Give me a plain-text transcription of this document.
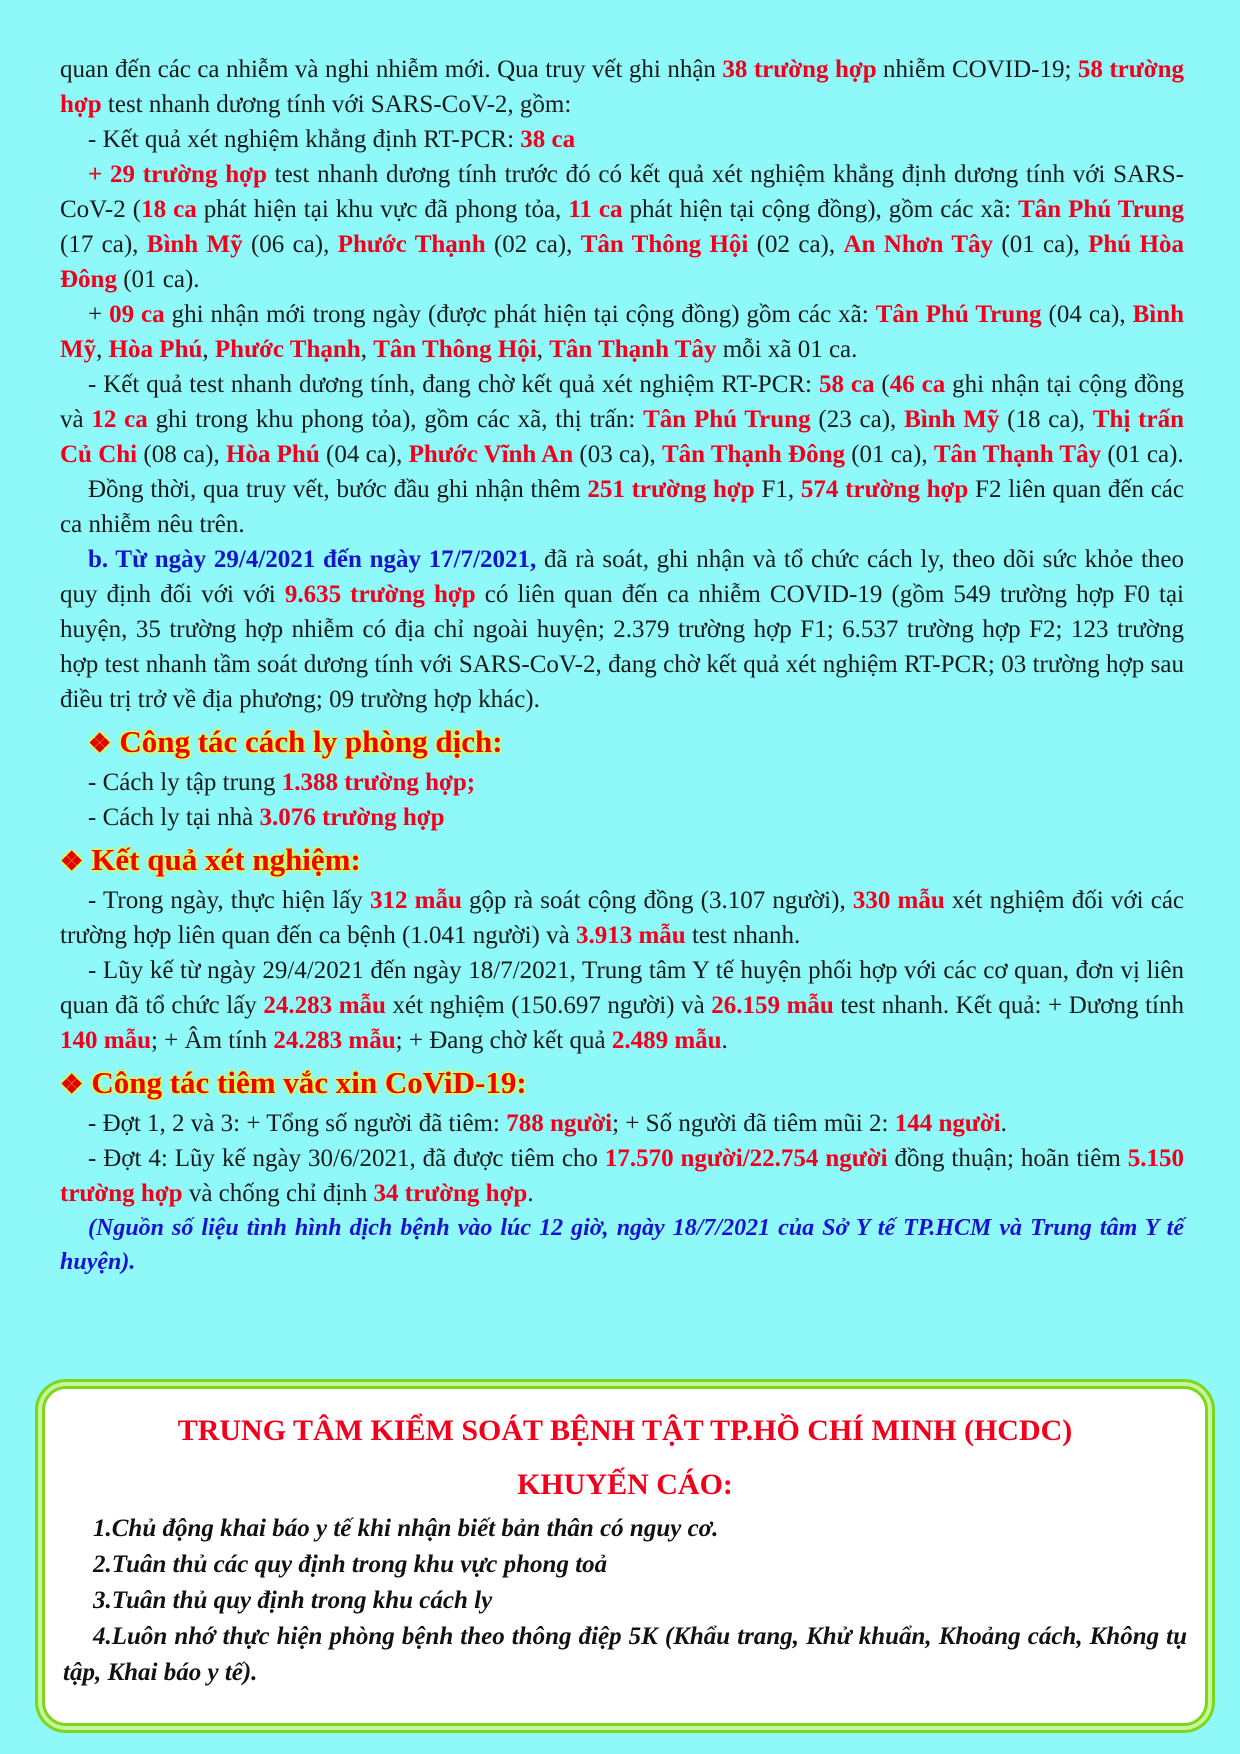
quan đến các ca nhiễm và nghi nhiễm mới. Qua truy vết ghi nhận 38 trường hợp nhiễm COVID-19; 58 trường hợp test nhanh dương tính với SARS-CoV-2, gồm:

- Kết quả xét nghiệm khẳng định RT-PCR: 38 ca

+ 29 trường hợp test nhanh dương tính trước đó có kết quả xét nghiệm khẳng định dương tính với SARS-CoV-2 (18 ca phát hiện tại khu vực đã phong tỏa, 11 ca phát hiện tại cộng đồng), gồm các xã: Tân Phú Trung (17 ca), Bình Mỹ (06 ca), Phước Thạnh (02 ca), Tân Thông Hội (02 ca), An Nhơn Tây (01 ca), Phú Hòa Đông (01 ca).

+ 09 ca ghi nhận mới trong ngày (được phát hiện tại cộng đồng) gồm các xã: Tân Phú Trung (04 ca), Bình Mỹ, Hòa Phú, Phước Thạnh, Tân Thông Hội, Tân Thạnh Tây mỗi xã 01 ca.

- Kết quả test nhanh dương tính, đang chờ kết quả xét nghiệm RT-PCR: 58 ca (46 ca ghi nhận tại cộng đồng và 12 ca ghi trong khu phong tỏa), gồm các xã, thị trấn: Tân Phú Trung (23 ca), Bình Mỹ (18 ca), Thị trấn Củ Chi (08 ca), Hòa Phú (04 ca), Phước Vĩnh An (03 ca), Tân Thạnh Đông (01 ca), Tân Thạnh Tây (01 ca).

Đồng thời, qua truy vết, bước đầu ghi nhận thêm 251 trường hợp F1, 574 trường hợp F2 liên quan đến các ca nhiễm nêu trên.

b. Từ ngày 29/4/2021 đến ngày 17/7/2021, đã rà soát, ghi nhận và tổ chức cách ly, theo dõi sức khỏe theo quy định đối với với 9.635 trường hợp có liên quan đến ca nhiễm COVID-19 (gồm 549 trường hợp F0 tại huyện, 35 trường hợp nhiễm có địa chỉ ngoài huyện; 2.379 trường hợp F1; 6.537 trường hợp F2; 123 trường hợp test nhanh tầm soát dương tính với SARS-CoV-2, đang chờ kết quả xét nghiệm RT-PCR; 03 trường hợp sau điều trị trở về địa phương; 09 trường hợp khác).

❖ Công tác cách ly phòng dịch:

- Cách ly tập trung 1.388 trường hợp;

- Cách ly tại nhà 3.076 trường hợp

❖ Kết quả xét nghiệm:

- Trong ngày, thực hiện lấy 312 mẫu gộp rà soát cộng đồng (3.107 người), 330 mẫu xét nghiệm đối với các trường hợp liên quan đến ca bệnh (1.041 người) và 3.913 mẫu test nhanh.

- Lũy kế từ ngày 29/4/2021 đến ngày 18/7/2021, Trung tâm Y tế huyện phối hợp với các cơ quan, đơn vị liên quan đã tổ chức lấy 24.283 mẫu xét nghiệm (150.697 người) và 26.159 mẫu test nhanh. Kết quả: + Dương tính 140 mẫu; + Âm tính 24.283 mẫu; + Đang chờ kết quả 2.489 mẫu.

❖ Công tác tiêm vắc xin CoViD-19:

- Đợt 1, 2 và 3: + Tổng số người đã tiêm: 788 người; + Số người đã tiêm mũi 2: 144 người.

- Đợt 4: Lũy kế ngày 30/6/2021, đã được tiêm cho 17.570 người/22.754 người đồng thuận; hoãn tiêm 5.150 trường hợp và chống chỉ định 34 trường hợp.

(Nguồn số liệu tình hình dịch bệnh vào lúc 12 giờ, ngày 18/7/2021 của Sở Y tế TP.HCM và Trung tâm Y tế huyện).

TRUNG TÂM KIỂM SOÁT BỆNH TẬT TP.HỒ CHÍ MINH (HCDC)
KHUYẾN CÁO:
1.Chủ động khai báo y tế khi nhận biết bản thân có nguy cơ.
2.Tuân thủ các quy định trong khu vực phong toả
3.Tuân thủ quy định trong khu cách ly
4.Luôn nhớ thực hiện phòng bệnh theo thông điệp 5K (Khẩu trang, Khử khuẩn, Khoảng cách, Không tụ tập, Khai báo y tế).
